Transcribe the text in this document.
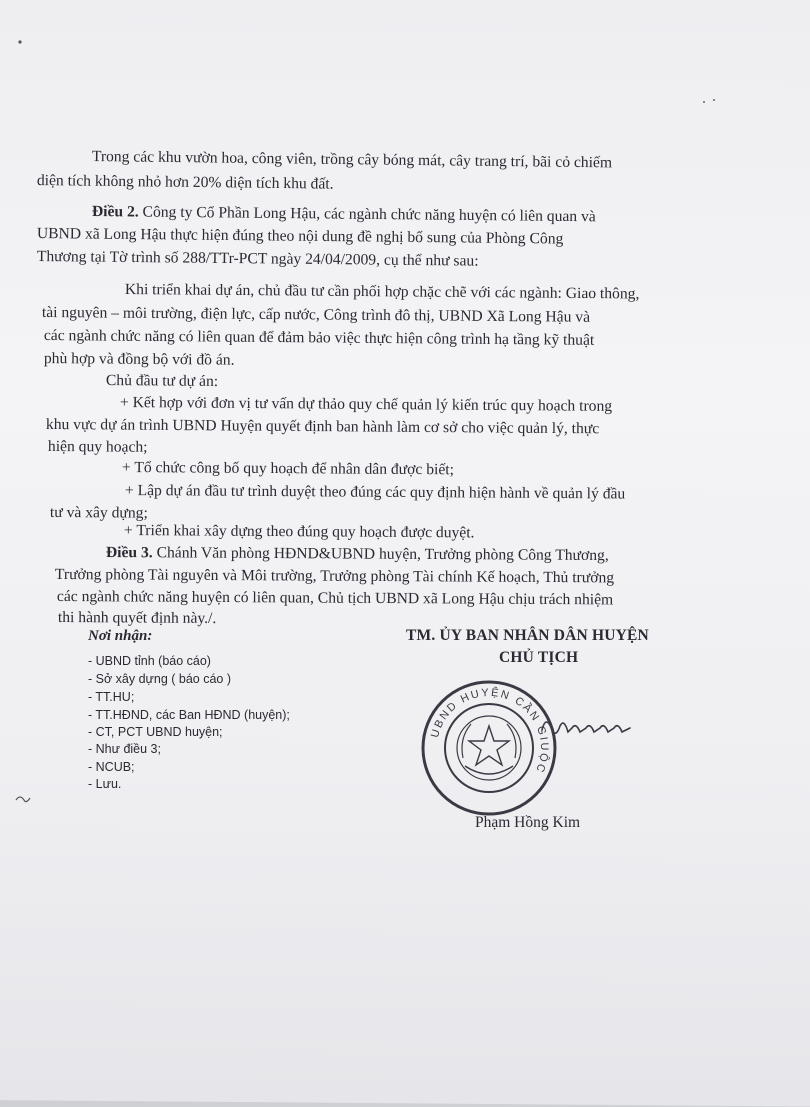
Trong các khu vườn hoa, công viên, trồng cây bóng mát, cây trang trí, bãi cỏ chiếm
diện tích không nhỏ hơn 20% diện tích khu đất.
Điều 2. Công ty Cổ Phần Long Hậu, các ngành chức năng huyện có liên quan và
UBND xã Long Hậu thực hiện đúng theo nội dung đề nghị bổ sung của Phòng Công
Thương tại Tờ trình số 288/TTr-PCT ngày 24/04/2009, cụ thể như sau:
Khi triển khai dự án, chủ đầu tư cần phối hợp chặc chẽ với các ngành: Giao thông,
tài nguyên – môi trường, điện lực, cấp nước, Công trình đô thị, UBND Xã Long Hậu và
các ngành chức năng có liên quan để đảm bảo việc thực hiện công trình hạ tầng kỹ thuật
phù hợp và đồng bộ với đồ án.
Chủ đầu tư dự án:
+ Kết hợp với đơn vị tư vấn dự thảo quy chế quản lý kiến trúc quy hoạch trong
khu vực dự án trình UBND Huyện quyết định ban hành làm cơ sở cho việc quản lý, thực
hiện quy hoạch;
+ Tổ chức công bố quy hoạch để nhân dân được biết;
+ Lập dự án đầu tư trình duyệt theo đúng các quy định hiện hành về quản lý đầu
tư và xây dựng;
+ Triển khai xây dựng theo đúng quy hoạch được duyệt.
Điều 3. Chánh Văn phòng HĐND&UBND huyện, Trưởng phòng Công Thương,
Trưởng phòng Tài nguyên và Môi trường, Trưởng phòng Tài chính Kế hoạch, Thủ trưởng
các ngành chức năng huyện có liên quan, Chủ tịch UBND xã Long Hậu chịu trách nhiệm
thi hành quyết định này./.
Nơi nhận:
- UBND tỉnh (báo cáo)
- Sở xây dựng ( báo cáo )
- TT.HU;
- TT.HĐND, các Ban HĐND (huyện);
- CT, PCT UBND huyện;
- Như điều 3;
- NCUB;
- Lưu.
TM. ỦY BAN NHÂN DÂN HUYỆN
CHỦ TỊCH
Phạm Hồng Kim
UBND HUYỆN CẦN GIUỘC
